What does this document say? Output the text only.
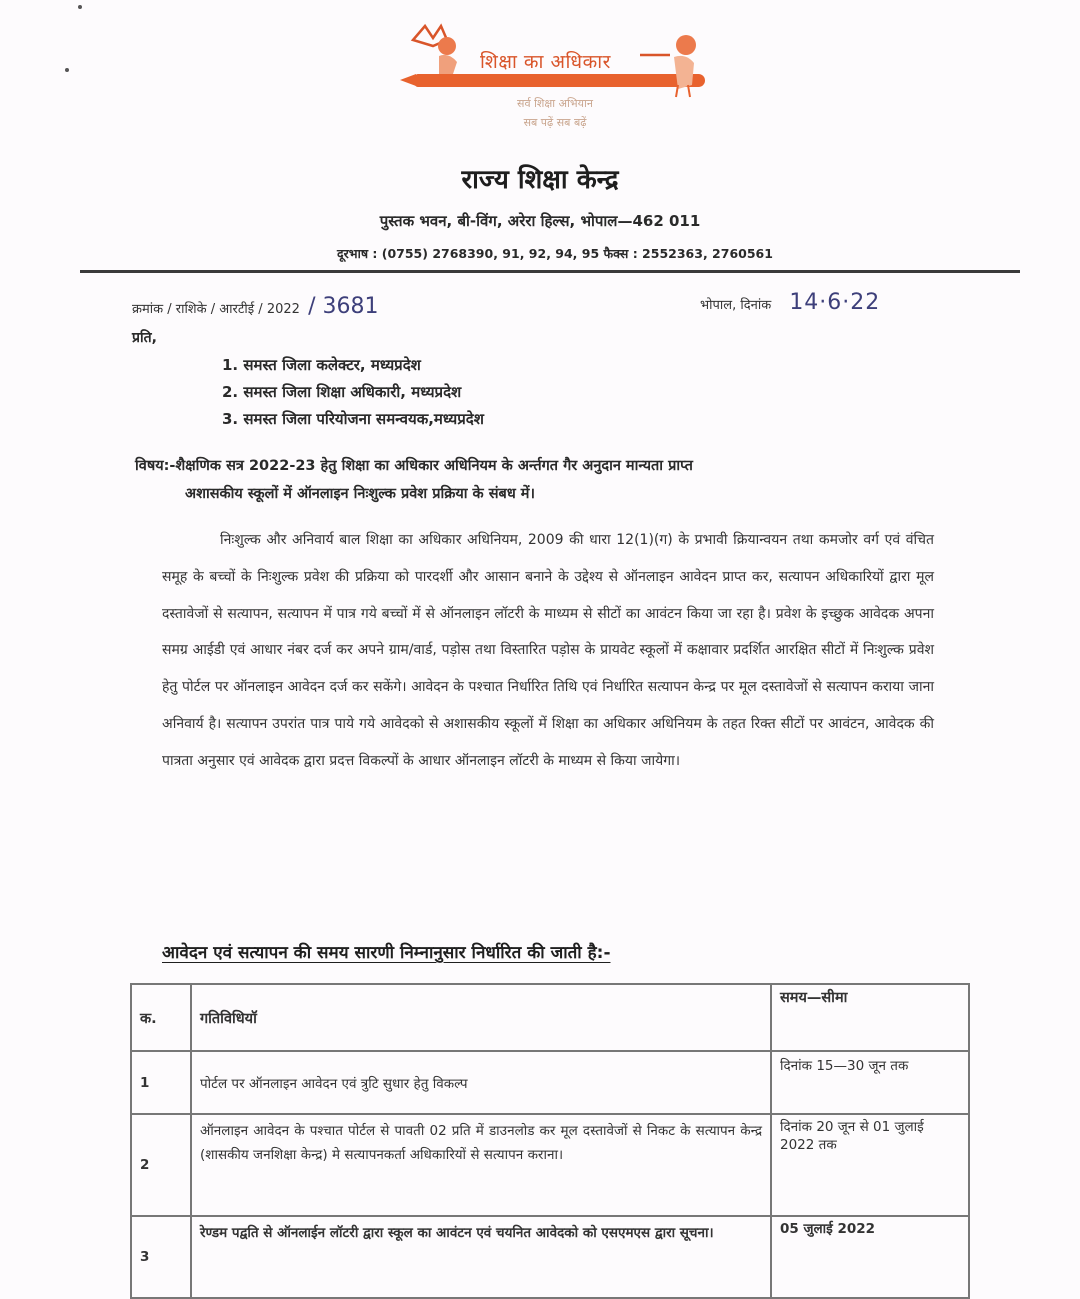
शिक्षा का अधिकार
सर्व शिक्षा अभियान
सब पढ़ें सब बढ़ें
राज्य शिक्षा केन्द्र
पुस्तक भवन, बी-विंग, अरेरा हिल्स, भोपाल—462 011
दूरभाष : (0755) 2768390, 91, 92, 94, 95 फैक्स : 2552363, 2760561
क्रमांक / राशिके / आरटीई / 2022 / 3681	भोपाल, दिनांक 14·6·22
प्रति,
1. समस्त जिला कलेक्टर, मध्यप्रदेश
2. समस्त जिला शिक्षा अधिकारी, मध्यप्रदेश
3. समस्त जिला परियोजना समन्वयक,मध्यप्रदेश
विषय:-शैक्षणिक सत्र 2022-23 हेतु शिक्षा का अधिकार अधिनियम के अर्न्तगत गैर अनुदान मान्यता प्राप्त
अशासकीय स्कूलों में ऑनलाइन निःशुल्क प्रवेश प्रक्रिया के संबध में।
निःशुल्क और अनिवार्य बाल शिक्षा का अधिकार अधिनियम, 2009 की धारा 12(1)(ग) के प्रभावी क्रियान्वयन तथा कमजोर वर्ग एवं वंचित समूह के बच्चों के निःशुल्क प्रवेश की प्रक्रिया को पारदर्शी और आसान बनाने के उद्देश्य से ऑनलाइन आवेदन प्राप्त कर, सत्यापन अधिकारियों द्वारा मूल दस्तावेजों से सत्यापन, सत्यापन में पात्र गये बच्चों में से ऑनलाइन लॉटरी के माध्यम से सीटों का आवंटन किया जा रहा है। प्रवेश के इच्छुक आवेदक अपना समग्र आईडी एवं आधार नंबर दर्ज कर अपने ग्राम/वार्ड, पड़ोस तथा विस्तारित पड़ोस के प्रायवेट स्कूलों में कक्षावार प्रदर्शित आरक्षित सीटों में निःशुल्क प्रवेश हेतु पोर्टल पर ऑनलाइन आवेदन दर्ज कर सकेंगे। आवेदन के पश्चात निर्धारित तिथि एवं निर्धारित सत्यापन केन्द्र पर मूल दस्तावेजों से सत्यापन कराया जाना अनिवार्य है। सत्यापन उपरांत पात्र पाये गये आवेदको से अशासकीय स्कूलों में शिक्षा का अधिकार अधिनियम के तहत रिक्त सीटों पर आवंटन, आवेदक की पात्रता अनुसार एवं आवेदक द्वारा प्रदत्त विकल्पों के आधार ऑनलाइन लॉटरी के माध्यम से किया जायेगा।
आवेदन एवं सत्यापन की समय सारणी निम्नानुसार निर्धारित की जाती है:-
क.	गतिविधियॉ	समय—सीमा
1	पोर्टल पर ऑनलाइन आवेदन एवं त्रुटि सुधार हेतु विकल्प	दिनांक 15—30 जून तक
2	ऑनलाइन आवेदन के पश्चात पोर्टल से पावती 02 प्रति में डाउनलोड कर मूल दस्तावेजों से निकट के सत्यापन केन्द्र (शासकीय जनशिक्षा केन्द्र) मे सत्यापनकर्ता अधिकारियों से सत्यापन कराना।	दिनांक 20 जून से 01 जुलाई 2022 तक
3	रेण्डम पद्वति से ऑनलाईन लॉटरी द्वारा स्कूल का आवंटन एवं चयनित आवेदको को एसएमएस द्वारा सूचना।	05 जुलाई 2022
